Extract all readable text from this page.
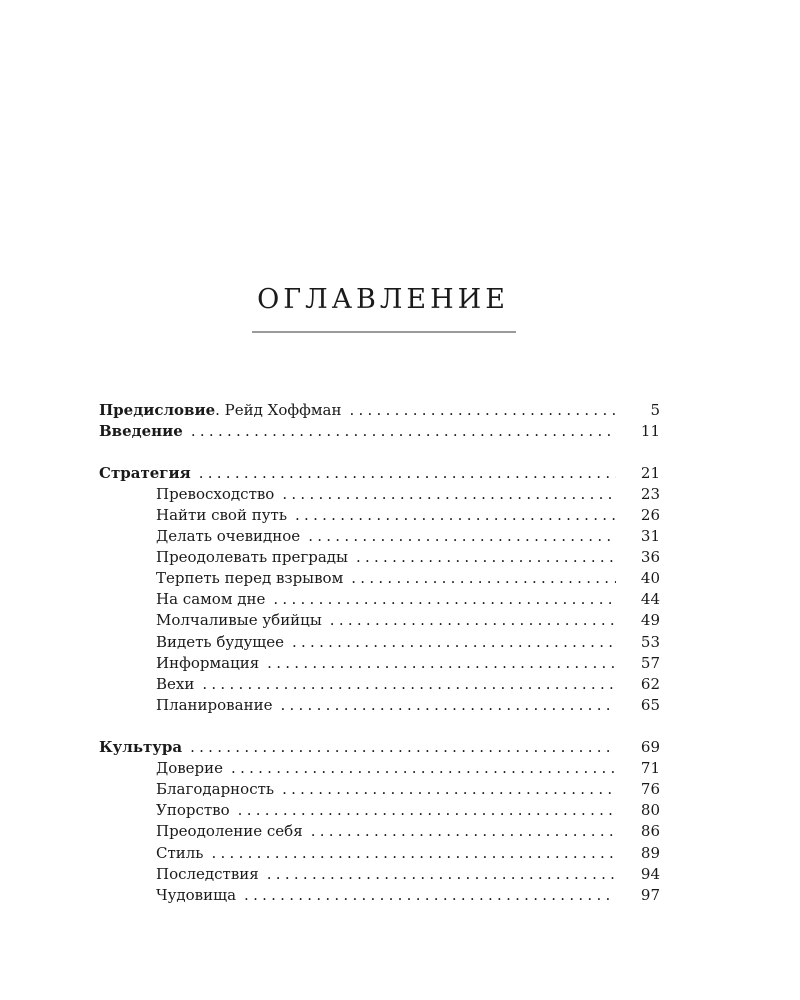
ОГЛАВЛЕНИЕ
Предисловие. Рейд Хоффман . . .	5
Введение . . .	11
Стратегия . . .	21
Превосходство . . .	23
Найти свой путь . . .	26
Делать очевидное . . .	31
Преодолевать преграды . . .	36
Терпеть перед взрывом . . .	40
На самом дне . . .	44
Молчаливые убийцы . . .	49
Видеть будущее . . .	53
Информация . . .	57
Вехи . . .	62
Планирование . . .	65
Культура . . .	69
Доверие . . .	71
Благодарность . . .	76
Упорство . . .	80
Преодоление себя . . .	86
Стиль . . .	89
Последствия . . .	94
Чудовища . . .	97
